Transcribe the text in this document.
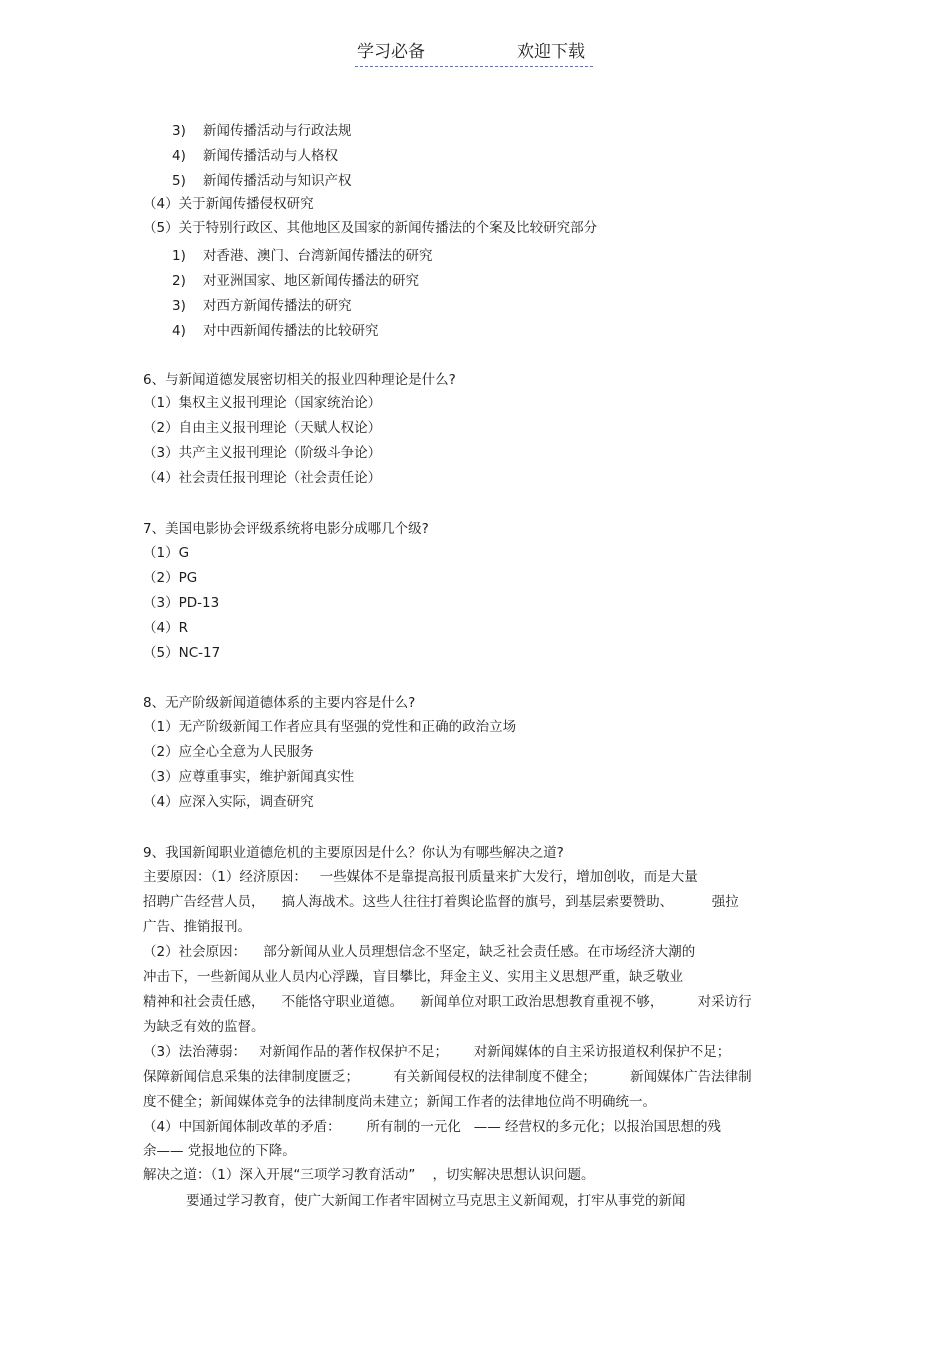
学习必备	欢迎下载
3)    新闻传播活动与行政法规
4)    新闻传播活动与人格权
5)    新闻传播活动与知识产权
（4）关于新闻传播侵权研究
（5）关于特别行政区、其他地区及国家的新闻传播法的个案及比较研究部分
1)    对香港、澳门、台湾新闻传播法的研究
2)    对亚洲国家、地区新闻传播法的研究
3)    对西方新闻传播法的研究
4)    对中西新闻传播法的比较研究
6、与新闻道德发展密切相关的报业四种理论是什么?
（1）集权主义报刊理论（国家统治论）
（2）自由主义报刊理论（天赋人权论）
（3）共产主义报刊理论（阶级斗争论）
（4）社会责任报刊理论（社会责任论）
7、美国电影协会评级系统将电影分成哪几个级?
（1）G
（2）PG
（3）PD-13
（4）R
（5）NC-17
8、无产阶级新闻道德体系的主要内容是什么?
（1）无产阶级新闻工作者应具有坚强的党性和正确的政治立场
（2）应全心全意为人民服务
（3）应尊重事实，维护新闻真实性
（4）应深入实际，调查研究
9、我国新闻职业道德危机的主要原因是什么？你认为有哪些解决之道?
主要原因：（1）经济原因：   一些媒体不是靠提高报刊质量来扩大发行，增加创收，而是大量
招聘广告经营人员，    搞人海战术。这些人往往打着舆论监督的旗号，到基层索要赞助、         强拉
广告、推销报刊。
（2）社会原因：    部分新闻从业人员理想信念不坚定，缺乏社会责任感。在市场经济大潮的
冲击下，一些新闻从业人员内心浮躁，盲目攀比，拜金主义、实用主义思想严重，缺乏敬业
精神和社会责任感，    不能恪守职业道德。    新闻单位对职工政治思想教育重视不够，        对采访行
为缺乏有效的监督。
（3）法治薄弱：   对新闻作品的著作权保护不足；      对新闻媒体的自主采访报道权利保护不足；
保障新闻信息采集的法律制度匮乏；        有关新闻侵权的法律制度不健全；        新闻媒体广告法律制
度不健全；新闻媒体竞争的法律制度尚未建立；新闻工作者的法律地位尚不明确统一。
（4）中国新闻体制改革的矛盾：      所有制的一元化   —— 经营权的多元化；以报治国思想的残
余—— 党报地位的下降。
解决之道：（1）深入开展“三项学习教育活动”    ，切实解决思想认识问题。
要通过学习教育，使广大新闻工作者牢固树立马克思主义新闻观，打牢从事党的新闻
